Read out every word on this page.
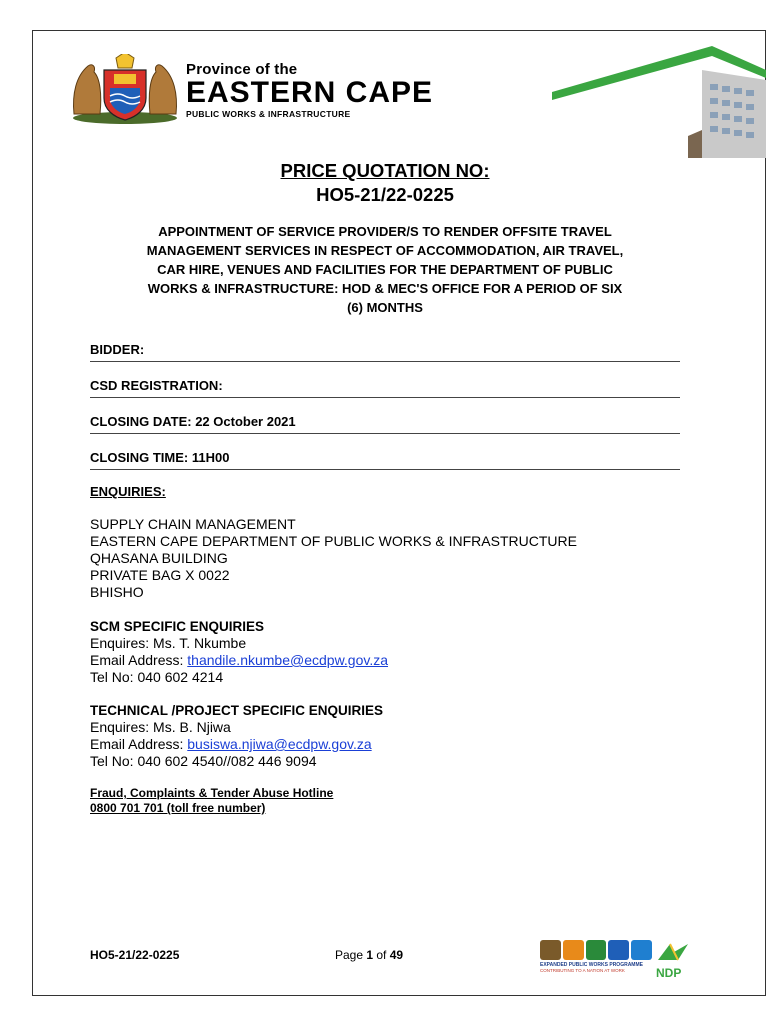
Province of the
EASTERN CAPE
PUBLIC WORKS & INFRASTRUCTURE
PRICE QUOTATION NO:
HO5-21/22-0225
APPOINTMENT OF SERVICE PROVIDER/S TO RENDER OFFSITE TRAVEL
MANAGEMENT SERVICES IN RESPECT OF ACCOMMODATION, AIR TRAVEL,
CAR HIRE, VENUES AND FACILITIES FOR THE DEPARTMENT OF PUBLIC
WORKS & INFRASTRUCTURE: HOD & MEC'S OFFICE FOR A PERIOD OF SIX
(6) MONTHS
BIDDER:
CSD REGISTRATION:
CLOSING DATE: 22 October 2021
CLOSING TIME: 11H00
ENQUIRIES:
SUPPLY CHAIN MANAGEMENT
EASTERN CAPE DEPARTMENT OF PUBLIC WORKS & INFRASTRUCTURE
QHASANA BUILDING
PRIVATE BAG X 0022
BHISHO
SCM SPECIFIC ENQUIRIES
Enquires: Ms. T. Nkumbe
Email Address: thandile.nkumbe@ecdpw.gov.za
Tel No: 040 602 4214
TECHNICAL /PROJECT SPECIFIC ENQUIRIES
Enquires: Ms. B. Njiwa
Email Address: busiswa.njiwa@ecdpw.gov.za
Tel No: 040 602 4540//082 446 9094
Fraud, Complaints & Tender Abuse Hotline
0800 701 701 (toll free number)
HO5-21/22-0225	Page 1 of 49
EXPANDED PUBLIC WORKS PROGRAMME
CONTRIBUTING TO A NATION AT WORK	NDP
